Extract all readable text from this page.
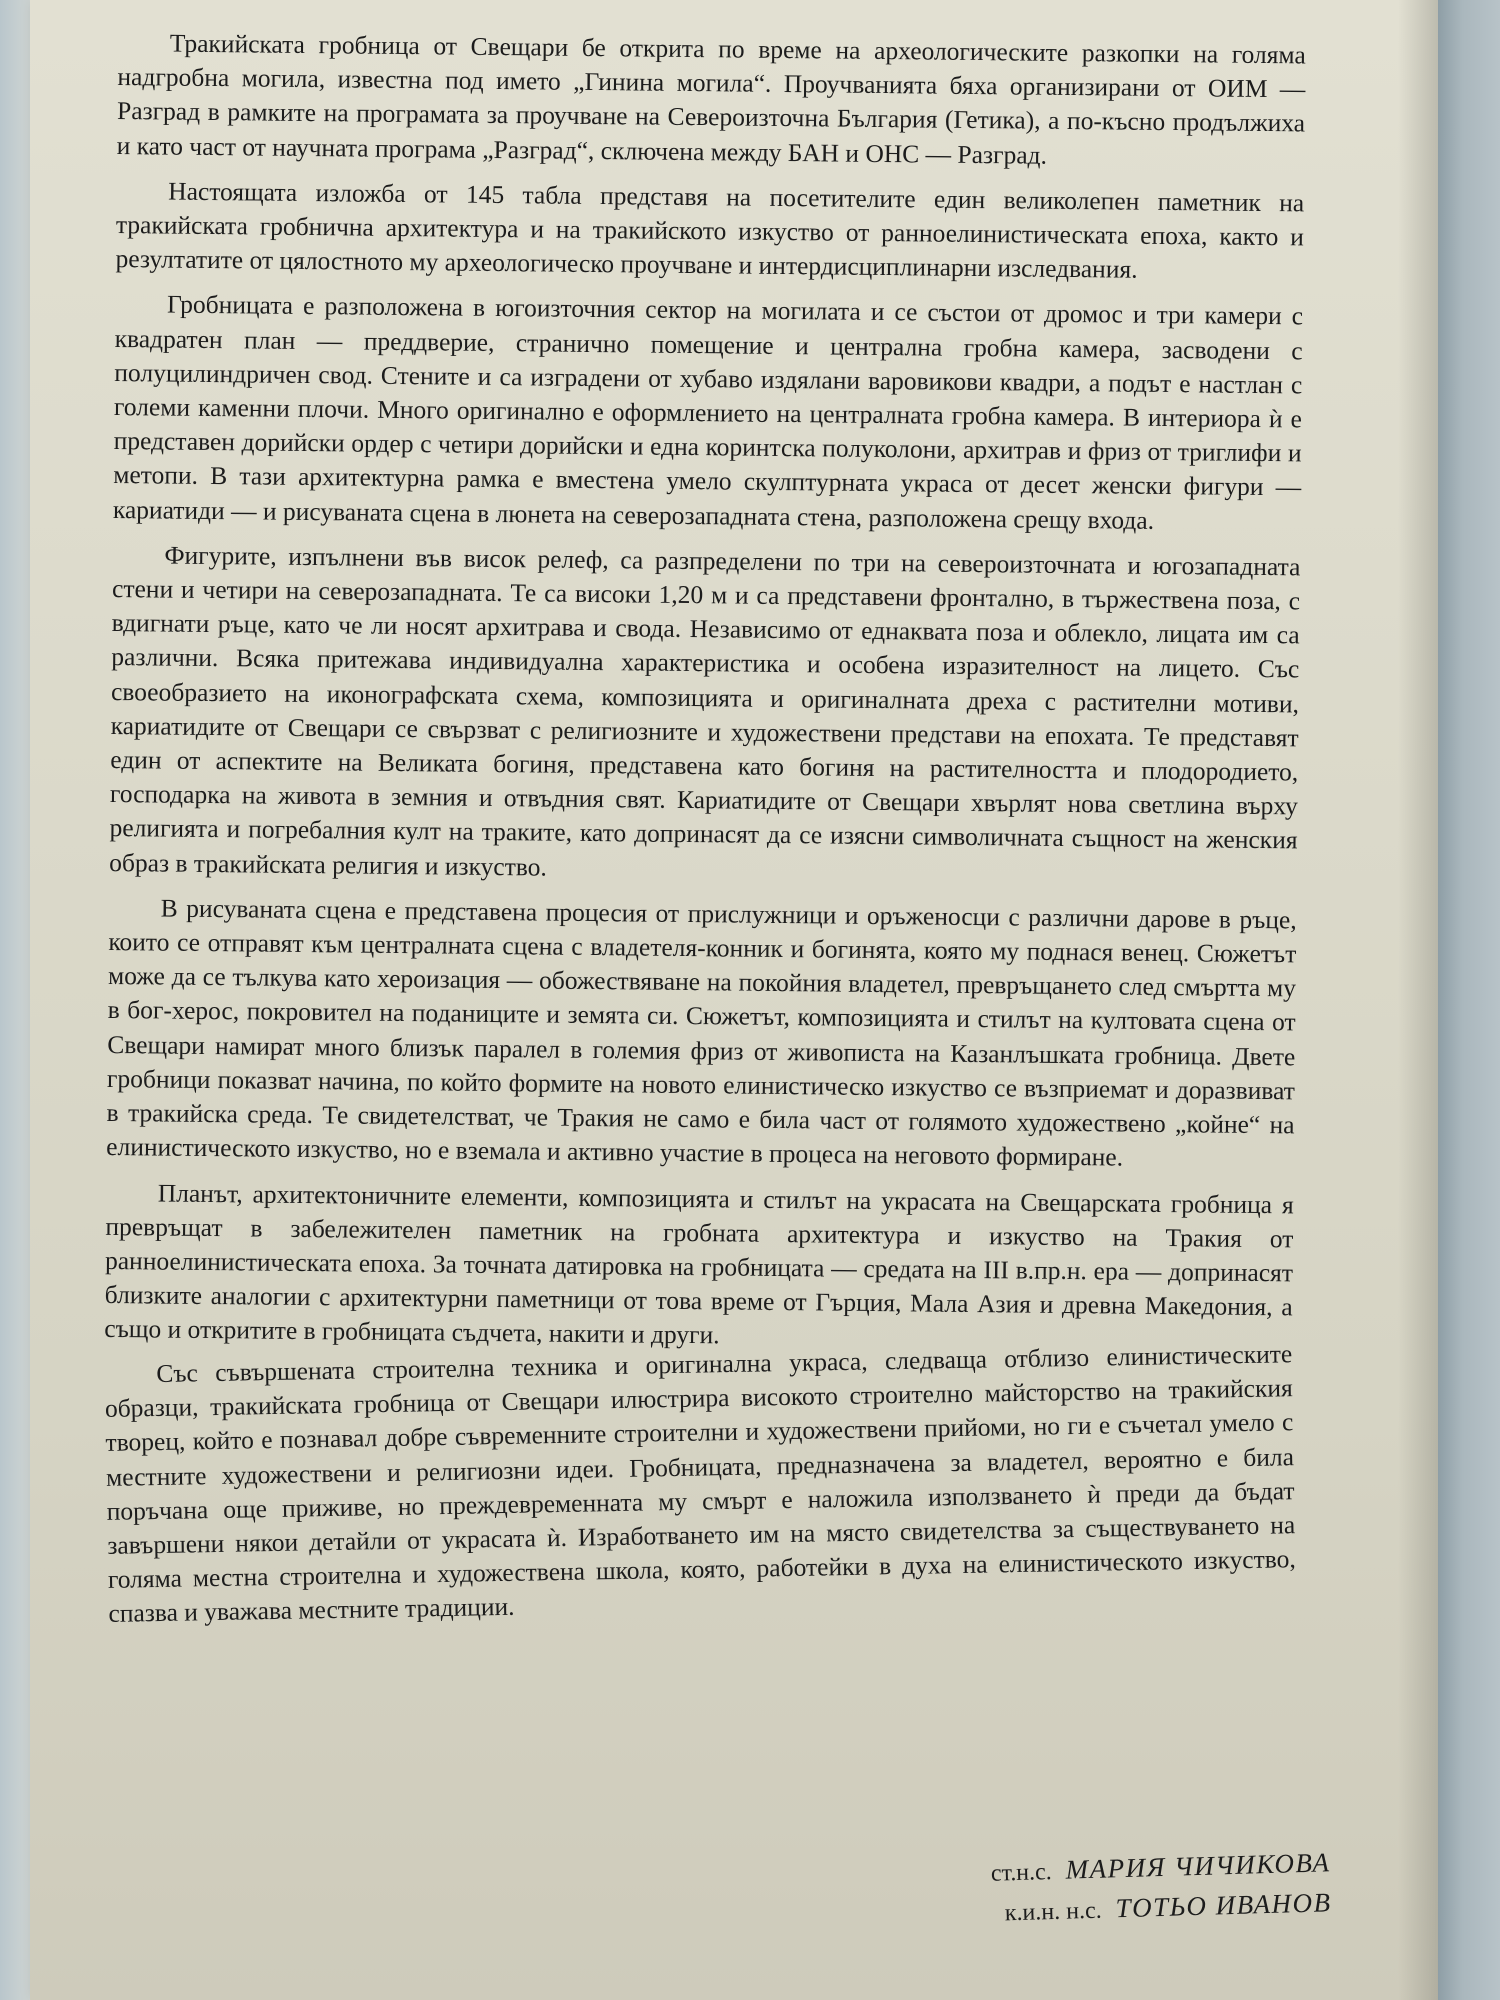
Тракийската гробница от Свещари бе открита по време на археологическите разкопки на голяма надгробна могила, известна под името „Гинина могила“. Проучванията бяха организирани от ОИМ — Разград в рамките на програмата за проучване на Североизточна България (Гетика), а по-късно продължиха и като част от научната програма „Разград“, сключена между БАН и ОНС — Разград.

Настоящата изложба от 145 табла представя на посетителите един великолепен паметник на тракийската гробнична архитектура и на тракийското изкуство от ранноелинистическата епоха, както и резултатите от цялостното му археологическо проучване и интердисциплинарни изследвания.

Гробницата е разположена в югоизточния сектор на могилата и се състои от дромос и три камери с квадратен план — преддверие, странично помещение и централна гробна камера, засводени с полуцилиндричен свод. Стените и са изградени от хубаво издялани варовикови квадри, а подът е настлан с големи каменни плочи. Много оригинално е оформлението на централната гробна камера. В интериора ѝ е представен дорийски ордер с четири дорийски и една коринтска полуколони, архитрав и фриз от триглифи и метопи. В тази архитектурна рамка е вместена умело скулптурната украса от десет женски фигури — кариатиди — и рисуваната сцена в люнета на северозападната стена, разположена срещу входа.

Фигурите, изпълнени във висок релеф, са разпределени по три на североизточната и югозападната стени и четири на северозападната. Те са високи 1,20 м и са представени фронтално, в тържествена поза, с вдигнати ръце, като че ли носят архитрава и свода. Независимо от еднаквата поза и облекло, лицата им са различни. Всяка притежава индивидуална характеристика и особена изразителност на лицето. Със своеобразието на иконографската схема, композицията и оригиналната дреха с растителни мотиви, кариатидите от Свещари се свързват с религиозните и художествени представи на епохата. Те представят един от аспектите на Великата богиня, представена като богиня на растителността и плодородието, господарка на живота в земния и отвъдния свят. Кариатидите от Свещари хвърлят нова светлина върху религията и погребалния култ на траките, като допринасят да се изясни символичната същност на женския образ в тракийската религия и изкуство.

В рисуваната сцена е представена процесия от прислужници и оръженосци с различни дарове в ръце, които се отправят към централната сцена с владетеля-конник и богинята, която му поднася венец. Сюжетът може да се тълкува като хероизация — обожествяване на покойния владетел, превръщането след смъртта му в бог-херос, покровител на поданиците и земята си. Сюжетът, композицията и стилът на култовата сцена от Свещари намират много близък паралел в големия фриз от живописта на Казанлъшката гробница. Двете гробници показват начина, по който формите на новото елинистическо изкуство се възприемат и доразвиват в тракийска среда. Те свидетелстват, че Тракия не само е била част от голямото художествено „койне“ на елинистическото изкуство, но е вземала и активно участие в процеса на неговото формиране.

Планът, архитектоничните елементи, композицията и стилът на украсата на Свещарската гробница я превръщат в забележителен паметник на гробната архитектура и изкуство на Тракия от ранноелинистическата епоха. За точната датировка на гробницата — средата на III в.пр.н. ера — допринасят близките аналогии с архитектурни паметници от това време от Гърция, Мала Азия и древна Македония, а също и откритите в гробницата съдчета, накити и други.

Със съвършената строителна техника и оригинална украса, следваща отблизо елинистическите образци, тракийската гробница от Свещари илюстрира високото строително майсторство на тракийския творец, който е познавал добре съвременните строителни и художествени прийоми, но ги е съчетал умело с местните художествени и религиозни идеи. Гробницата, предназначена за владетел, вероятно е била поръчана още приживе, но преждевременната му смърт е наложила използването ѝ преди да бъдат завършени някои детайли от украсата ѝ. Изработването им на място свидетелства за съществуването на голяма местна строителна и художествена школа, която, работейки в духа на елинистическото изкуство, спазва и уважава местните традиции.

ст.н.с. МАРИЯ ЧИЧИКОВА
к.и.н. н.с. ТОТЬО ИВАНОВ
